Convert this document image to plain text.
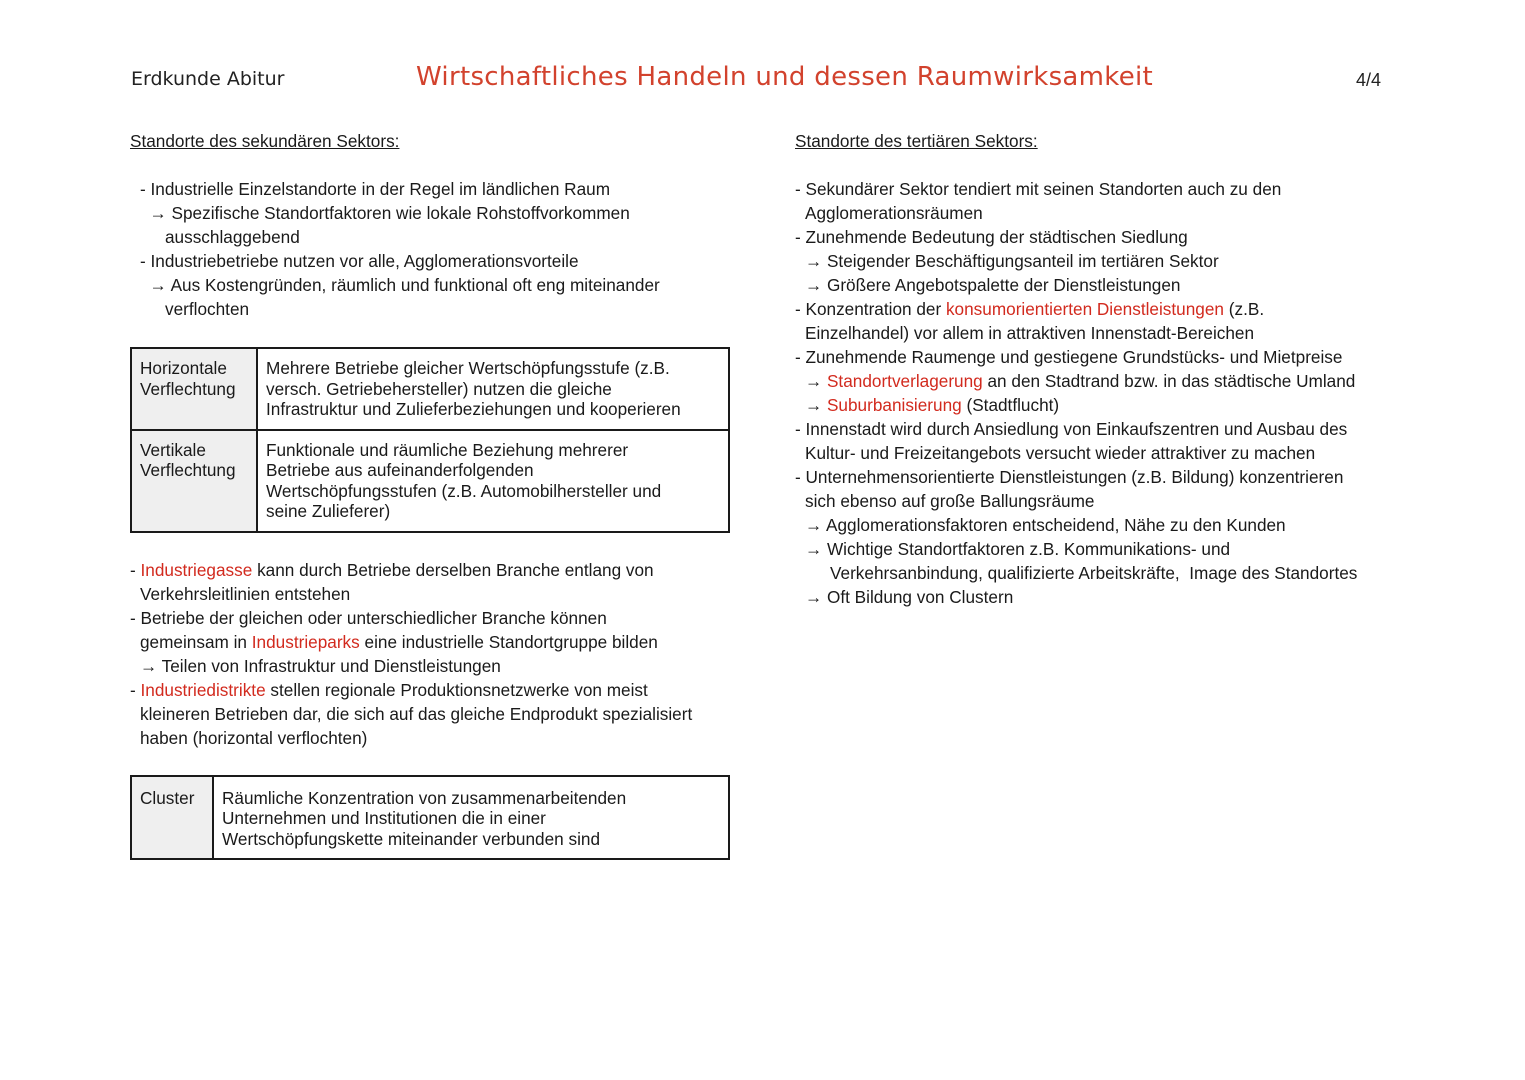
Erdkunde Abitur	Wirtschaftliches Handeln und dessen Raumwirksamkeit	4/4
Standorte des sekundären Sektors:
- Industrielle Einzelstandorte in der Regel im ländlichen Raum
→ Spezifische Standortfaktoren wie lokale Rohstoffvorkommen
ausschlaggebend
- Industriebetriebe nutzen vor alle, Agglomerationsvorteile
→ Aus Kostengründen, räumlich und funktional oft eng miteinander
verflochten
Horizontale
Verflechtung	Mehrere Betriebe gleicher Wertschöpfungsstufe (z.B.
versch. Getriebehersteller) nutzen die gleiche
Infrastruktur und Zulieferbeziehungen und kooperieren

Vertikale
Verflechtung	Funktionale und räumliche Beziehung mehrerer
Betriebe aus aufeinanderfolgenden
Wertschöpfungsstufen (z.B. Automobilhersteller und
seine Zulieferer)
- Industriegasse kann durch Betriebe derselben Branche entlang von
Verkehrsleitlinien entstehen
- Betriebe der gleichen oder unterschiedlicher Branche können
gemeinsam in Industrieparks eine industrielle Standortgruppe bilden
→ Teilen von Infrastruktur und Dienstleistungen
- Industriedistrikte stellen regionale Produktionsnetzwerke von meist
kleineren Betrieben dar, die sich auf das gleiche Endprodukt spezialisiert
haben (horizontal verflochten)
Cluster	Räumliche Konzentration von zusammenarbeitenden
Unternehmen und Institutionen die in einer
Wertschöpfungskette miteinander verbunden sind
Standorte des tertiären Sektors:
- Sekundärer Sektor tendiert mit seinen Standorten auch zu den
Agglomerationsräumen
- Zunehmende Bedeutung der städtischen Siedlung
→ Steigender Beschäftigungsanteil im tertiären Sektor
→ Größere Angebotspalette der Dienstleistungen
- Konzentration der konsumorientierten Dienstleistungen (z.B.
Einzelhandel) vor allem in attraktiven Innenstadt-Bereichen
- Zunehmende Raumenge und gestiegene Grundstücks- und Mietpreise
→ Standortverlagerung an den Stadtrand bzw. in das städtische Umland
→ Suburbanisierung (Stadtflucht)
- Innenstadt wird durch Ansiedlung von Einkaufszentren und Ausbau des
Kultur- und Freizeitangebots versucht wieder attraktiver zu machen
- Unternehmensorientierte Dienstleistungen (z.B. Bildung) konzentrieren
sich ebenso auf große Ballungsräume
→ Agglomerationsfaktoren entscheidend, Nähe zu den Kunden
→ Wichtige Standortfaktoren z.B. Kommunikations- und
Verkehrsanbindung, qualifizierte Arbeitskräfte,  Image des Standortes
→ Oft Bildung von Clustern
